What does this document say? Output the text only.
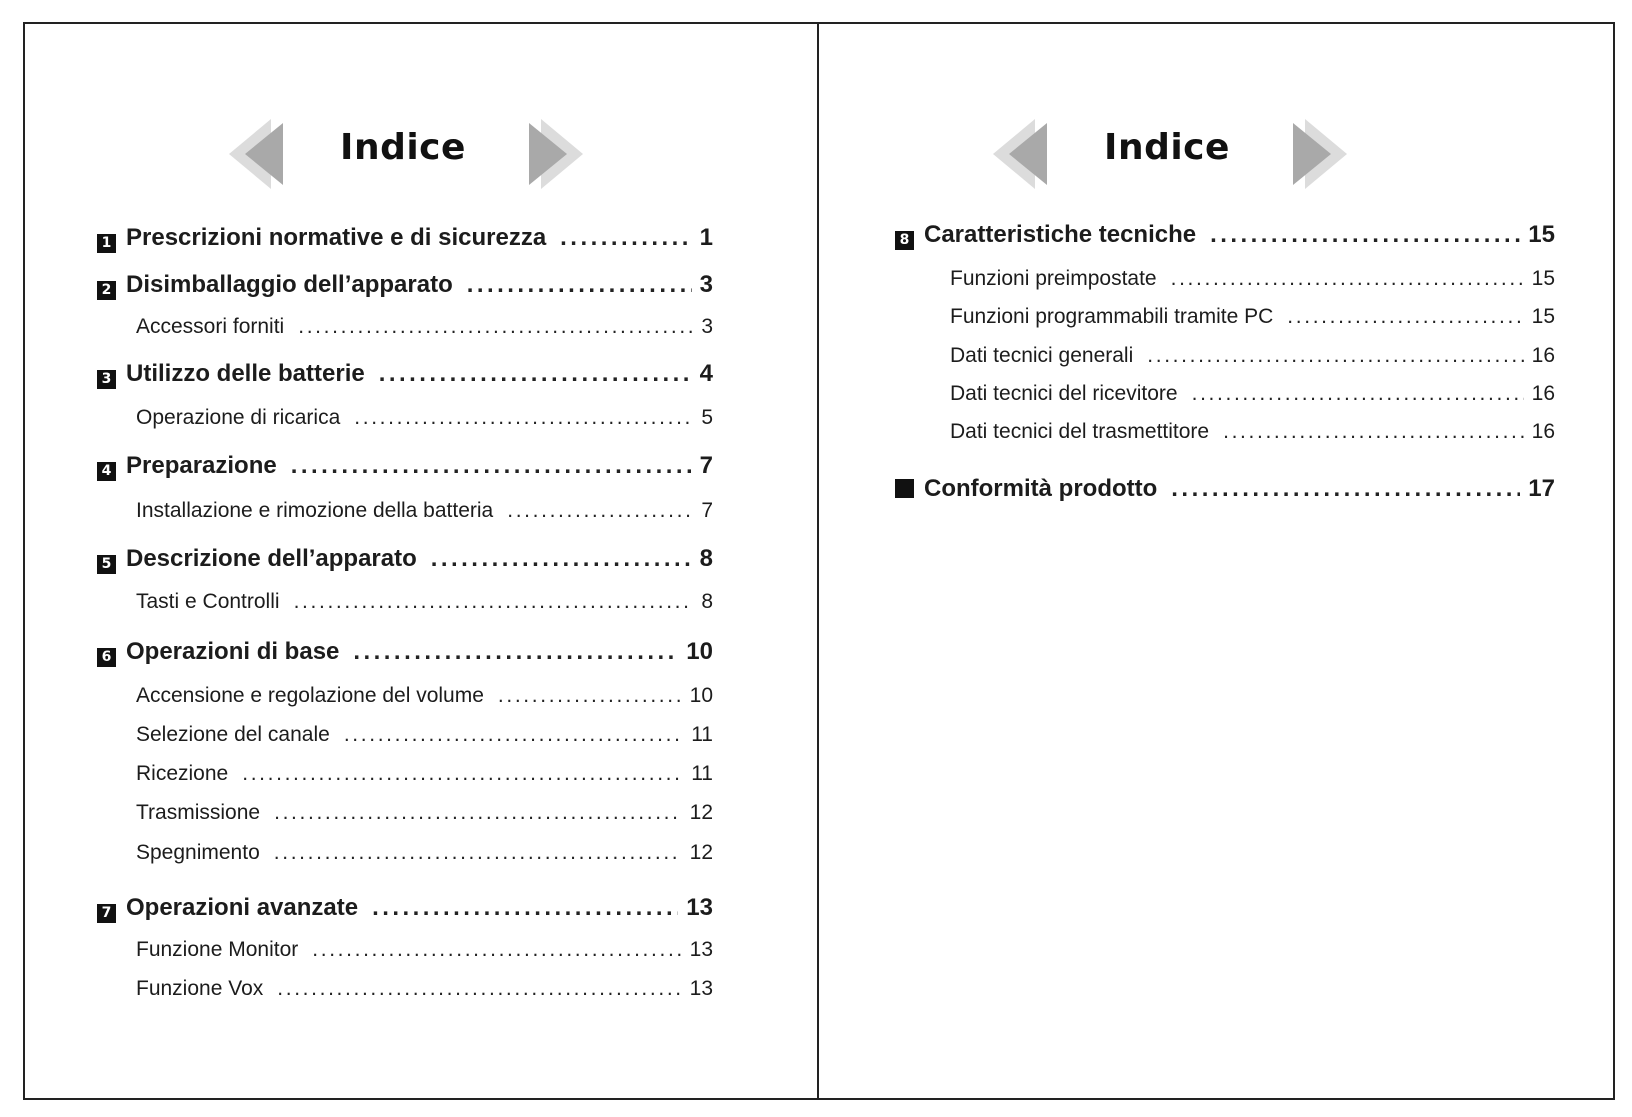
Indice
1 Prescrizioni normative e di sicurezza . . .	1
2 Disimballaggio dell’apparato . . .	3
Accessori forniti . . .	3
3 Utilizzo delle batterie . . .	4
Operazione di ricarica . . .	5
4 Preparazione . . .	7
Installazione e rimozione della batteria . . .	7
5 Descrizione dell’apparato . . .	8
Tasti e Controlli . . .	8
6 Operazioni di base . . .	10
Accensione e regolazione del volume . . .	10
Selezione del canale . . .	11
Ricezione . . .	11
Trasmissione . . .	12
Spegnimento . . .	12
7 Operazioni avanzate . . .	13
Funzione Monitor . . .	13
Funzione Vox . . .	13
Indice
8 Caratteristiche tecniche . . .	15
Funzioni preimpostate . . .	15
Funzioni programmabili tramite PC . . .	15
Dati tecnici generali . . .	16
Dati tecnici del ricevitore . . .	16
Dati tecnici del trasmettitore . . .	16
Conformità prodotto . . .	17
